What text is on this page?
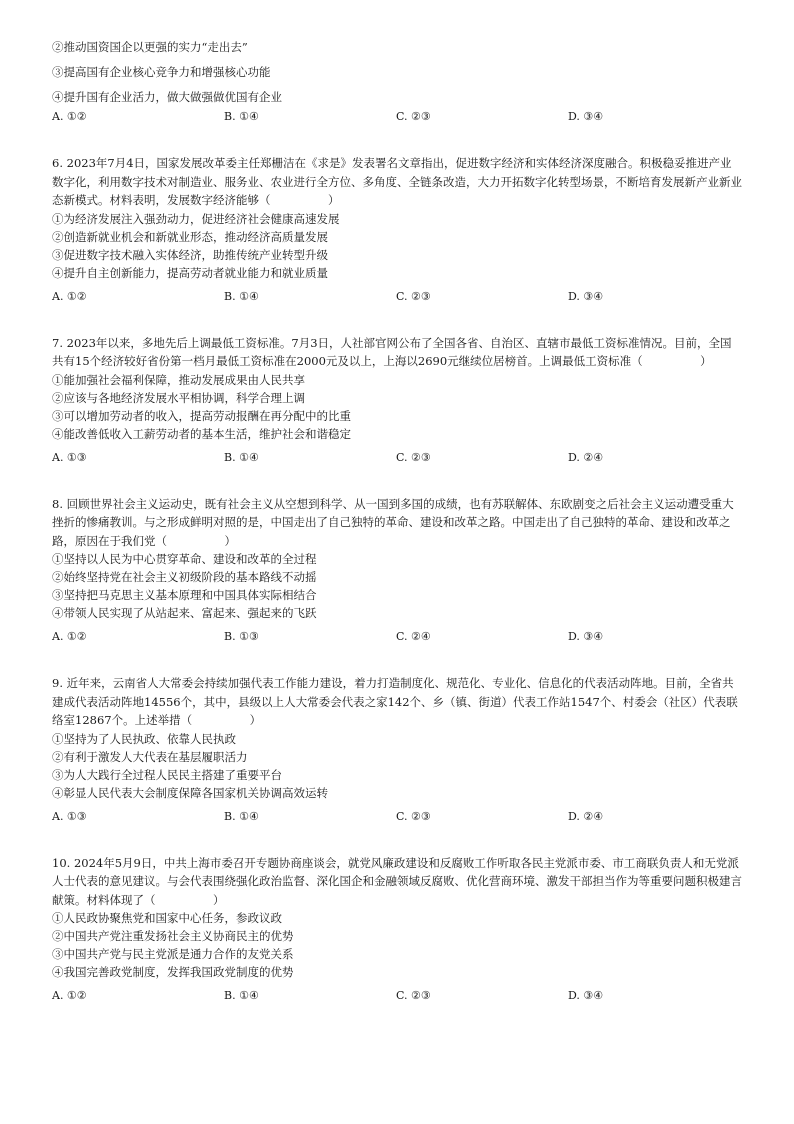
②推动国资国企以更强的实力“走出去”
③提高国有企业核心竞争力和增强核心功能
④提升国有企业活力，做大做强做优国有企业
A. ①②	B. ①④	C. ②③	D. ③④
6. 2023年7月4日，国家发展改革委主任郑栅洁在《求是》发表署名文章指出，促进数字经济和实体经济深度融合。积极稳妥推进产业数字化，利用数字技术对制造业、服务业、农业进行全方位、多角度、全链条改造，大力开拓数字化转型场景，不断培育发展新产业新业态新模式。材料表明，发展数字经济能够（　　　　　）
①为经济发展注入强劲动力，促进经济社会健康高速发展
②创造新就业机会和新就业形态，推动经济高质量发展
③促进数字技术融入实体经济，助推传统产业转型升级
④提升自主创新能力，提高劳动者就业能力和就业质量
A. ①②	B. ①④	C. ②③	D. ③④
7. 2023年以来，多地先后上调最低工资标准。7月3日，人社部官网公布了全国各省、自治区、直辖市最低工资标准情况。目前，全国共有15个经济较好省份第一档月最低工资标准在2000元及以上，上海以2690元继续位居榜首。上调最低工资标准（　　　　　）
①能加强社会福利保障，推动发展成果由人民共享
②应该与各地经济发展水平相协调，科学合理上调
③可以增加劳动者的收入，提高劳动报酬在再分配中的比重
④能改善低收入工薪劳动者的基本生活，维护社会和谐稳定
A. ①③	B. ①④	C. ②③	D. ②④
8. 回顾世界社会主义运动史，既有社会主义从空想到科学、从一国到多国的成绩，也有苏联解体、东欧剧变之后社会主义运动遭受重大挫折的惨痛教训。与之形成鲜明对照的是，中国走出了自己独特的革命、建设和改革之路。中国走出了自己独特的革命、建设和改革之路，原因在于我们党（　　　　　）
①坚持以人民为中心贯穿革命、建设和改革的全过程
②始终坚持党在社会主义初级阶段的基本路线不动摇
③坚持把马克思主义基本原理和中国具体实际相结合
④带领人民实现了从站起来、富起来、强起来的飞跃
A. ①②	B. ①③	C. ②④	D. ③④
9. 近年来，云南省人大常委会持续加强代表工作能力建设，着力打造制度化、规范化、专业化、信息化的代表活动阵地。目前，全省共建成代表活动阵地14556个，其中，县级以上人大常委会代表之家142个、乡（镇、街道）代表工作站1547个、村委会（社区）代表联络室12867个。上述举措（　　　　　）
①坚持为了人民执政、依靠人民执政
②有利于激发人大代表在基层履职活力
③为人大践行全过程人民民主搭建了重要平台
④彰显人民代表大会制度保障各国家机关协调高效运转
A. ①③	B. ①④	C. ②③	D. ②④
10. 2024年5月9日，中共上海市委召开专题协商座谈会，就党风廉政建设和反腐败工作听取各民主党派市委、市工商联负责人和无党派人士代表的意见建议。与会代表围绕强化政治监督、深化国企和金融领域反腐败、优化营商环境、激发干部担当作为等重要问题积极建言献策。材料体现了（　　　　　）
①人民政协聚焦党和国家中心任务，参政议政
②中国共产党注重发扬社会主义协商民主的优势
③中国共产党与民主党派是通力合作的友党关系
④我国完善政党制度，发挥我国政党制度的优势
A. ①②	B. ①④	C. ②③	D. ③④
